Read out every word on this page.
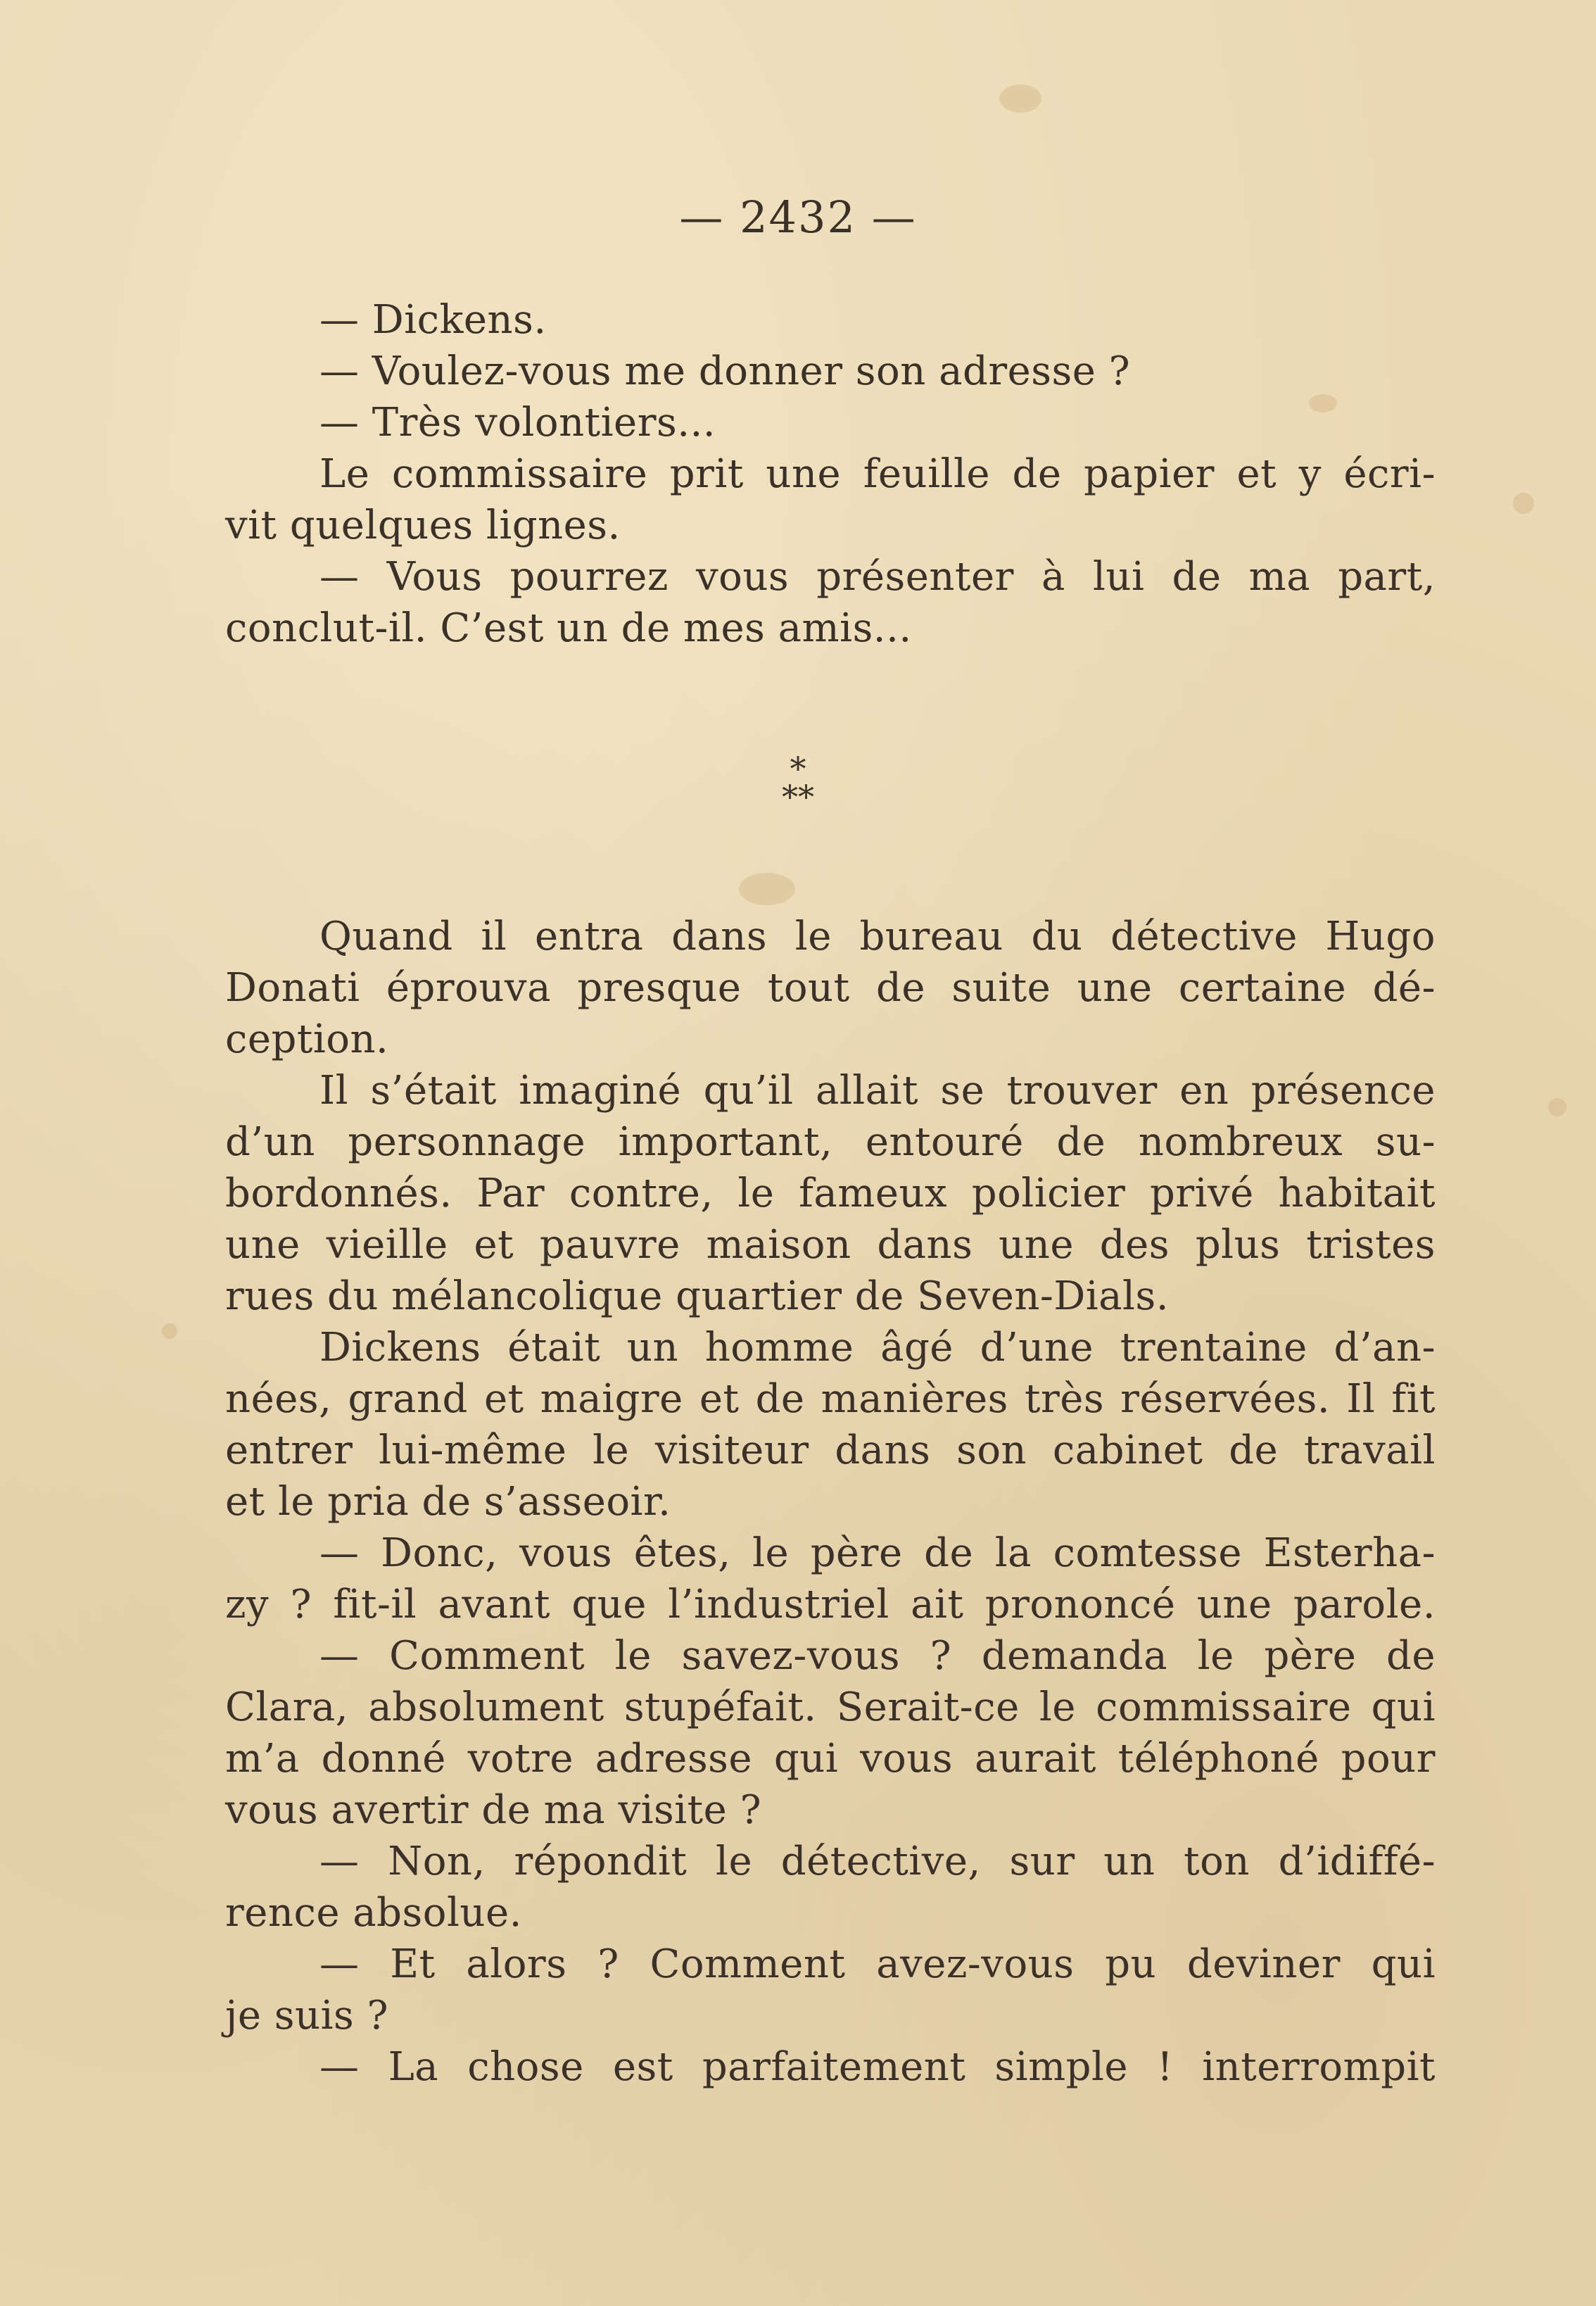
— 2432 —
— Dickens.
— Voulez-vous me donner son adresse ?
— Très volontiers...
Le commissaire prit une feuille de papier et y écri-
vit quelques lignes.
— Vous pourrez vous présenter à lui de ma part,
conclut-il. C’est un de mes amis...
*
**
Quand il entra dans le bureau du détective Hugo
Donati éprouva presque tout de suite une certaine dé-
ception.
Il s’était imaginé qu’il allait se trouver en présence
d’un personnage important, entouré de nombreux su-
bordonnés. Par contre, le fameux policier privé habitait
une vieille et pauvre maison dans une des plus tristes
rues du mélancolique quartier de Seven-Dials.
Dickens était un homme âgé d’une trentaine d’an-
nées, grand et maigre et de manières très réservées. Il fit
entrer lui-même le visiteur dans son cabinet de travail
et le pria de s’asseoir.
— Donc, vous êtes, le père de la comtesse Esterha-
zy ? fit-il avant que l’industriel ait prononcé une parole.
— Comment le savez-vous ? demanda le père de
Clara, absolument stupéfait. Serait-ce le commissaire qui
m’a donné votre adresse qui vous aurait téléphoné pour
vous avertir de ma visite ?
— Non, répondit le détective, sur un ton d’idiffé-
rence absolue.
— Et alors ? Comment avez-vous pu deviner qui
je suis ?
— La chose est parfaitement simple ! interrompit
